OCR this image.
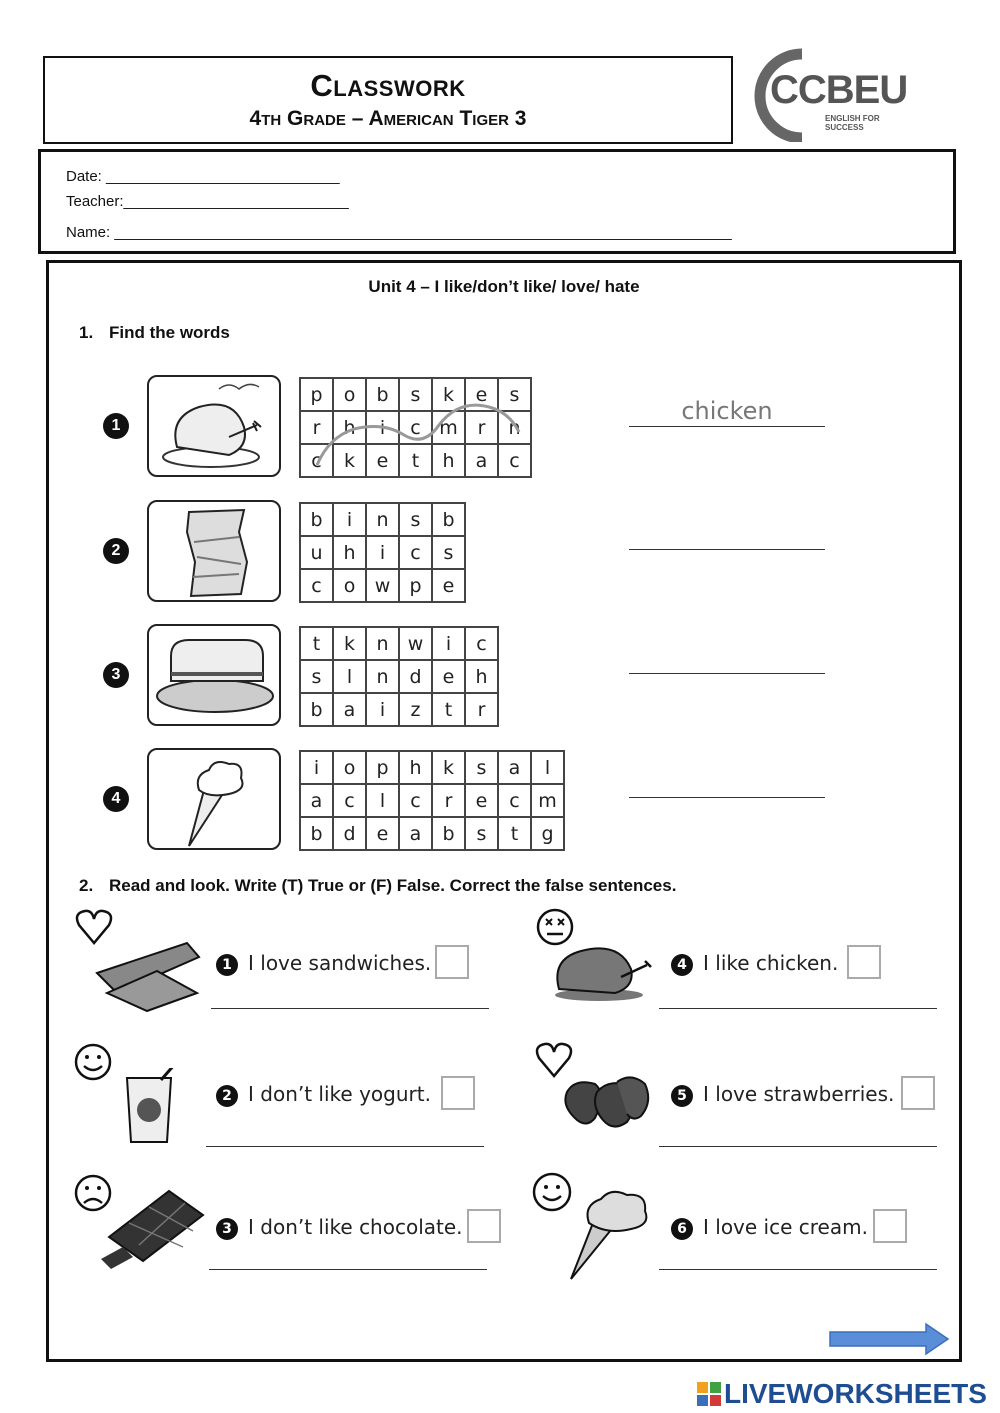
Classwork
4th Grade – American Tiger 3
CCBEU
ENGLISH FOR SUCCESS
Date: ____________________________
Teacher:___________________________
Name: __________________________________________________________________________
Unit 4 – I like/don’t like/ love/ hate
1. Find the words
1
p	o	b	s	k	e	s
r	h	i	c	m	r	n
c	k	e	t	h	a	c
chicken
2
b	i	n	s	b
u	h	i	c	s
c	o	w	p	e
3
t	k	n	w	i	c
s	l	n	d	e	h
b	a	i	z	t	r
4
i	o	p	h	k	s	a	l
a	c	l	c	r	e	c	m
b	d	e	a	b	s	t	g
2. Read and look. Write (T) True or (F) False. Correct the false sentences.
1 I love sandwiches.
2 I don’t like yogurt.
3 I don’t like chocolate.
4 I like chicken.
5 I love strawberries.
6 I love ice cream.
LIVEWORKSHEETS
